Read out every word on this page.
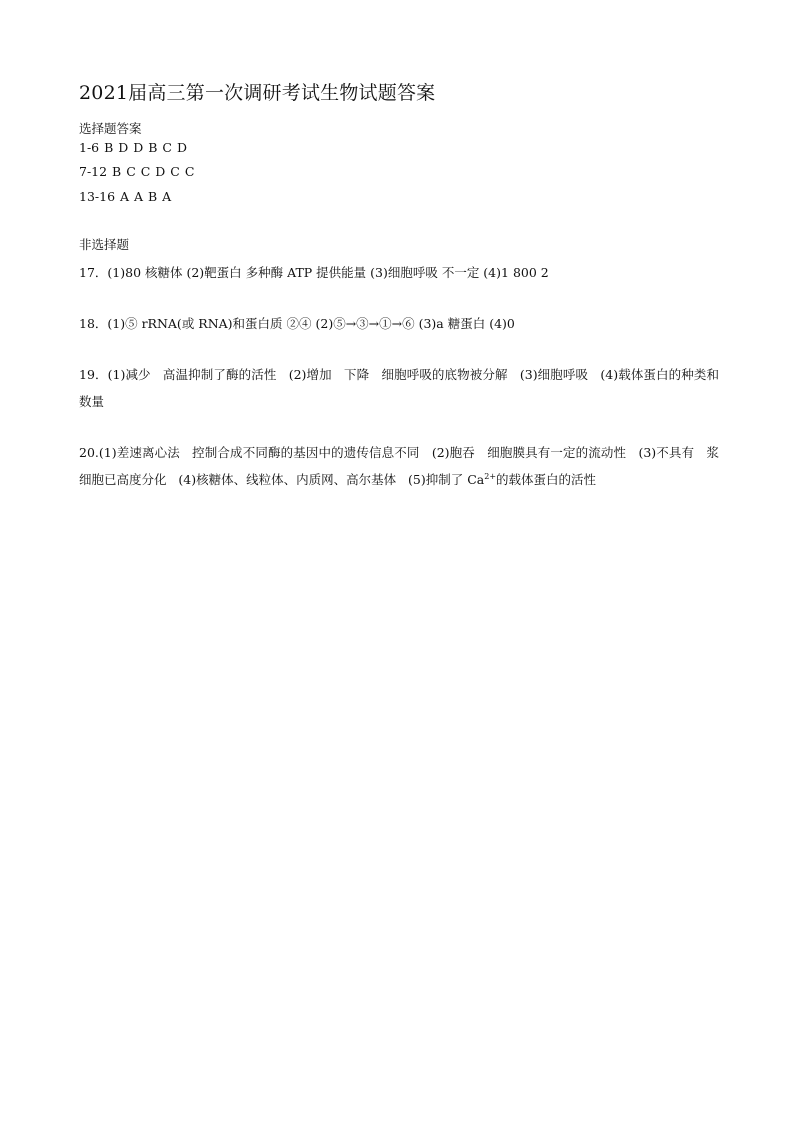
2021届高三第一次调研考试生物试题答案
选择题答案
1-6 B D D B C D
7-12 B C C D C C
13-16 A A B A
非选择题
17．(1)80 核糖体 (2)靶蛋白 多种酶 ATP 提供能量 (3)细胞呼吸 不一定 (4)1 800 2
18．(1)⑤ rRNA(或 RNA)和蛋白质 ②④ (2)⑤→③→①→⑥ (3)a 糖蛋白 (4)0
19．(1)减少   高温抑制了酶的活性   (2)增加   下降   细胞呼吸的底物被分解   (3)细胞呼吸   (4)载体蛋白的种类和数量
20.(1)差速离心法   控制合成不同酶的基因中的遗传信息不同   (2)胞吞   细胞膜具有一定的流动性   (3)不具有   浆细胞已高度分化   (4)核糖体、线粒体、内质网、高尔基体   (5)抑制了 $Ca^{2+}$的载体蛋白的活性
